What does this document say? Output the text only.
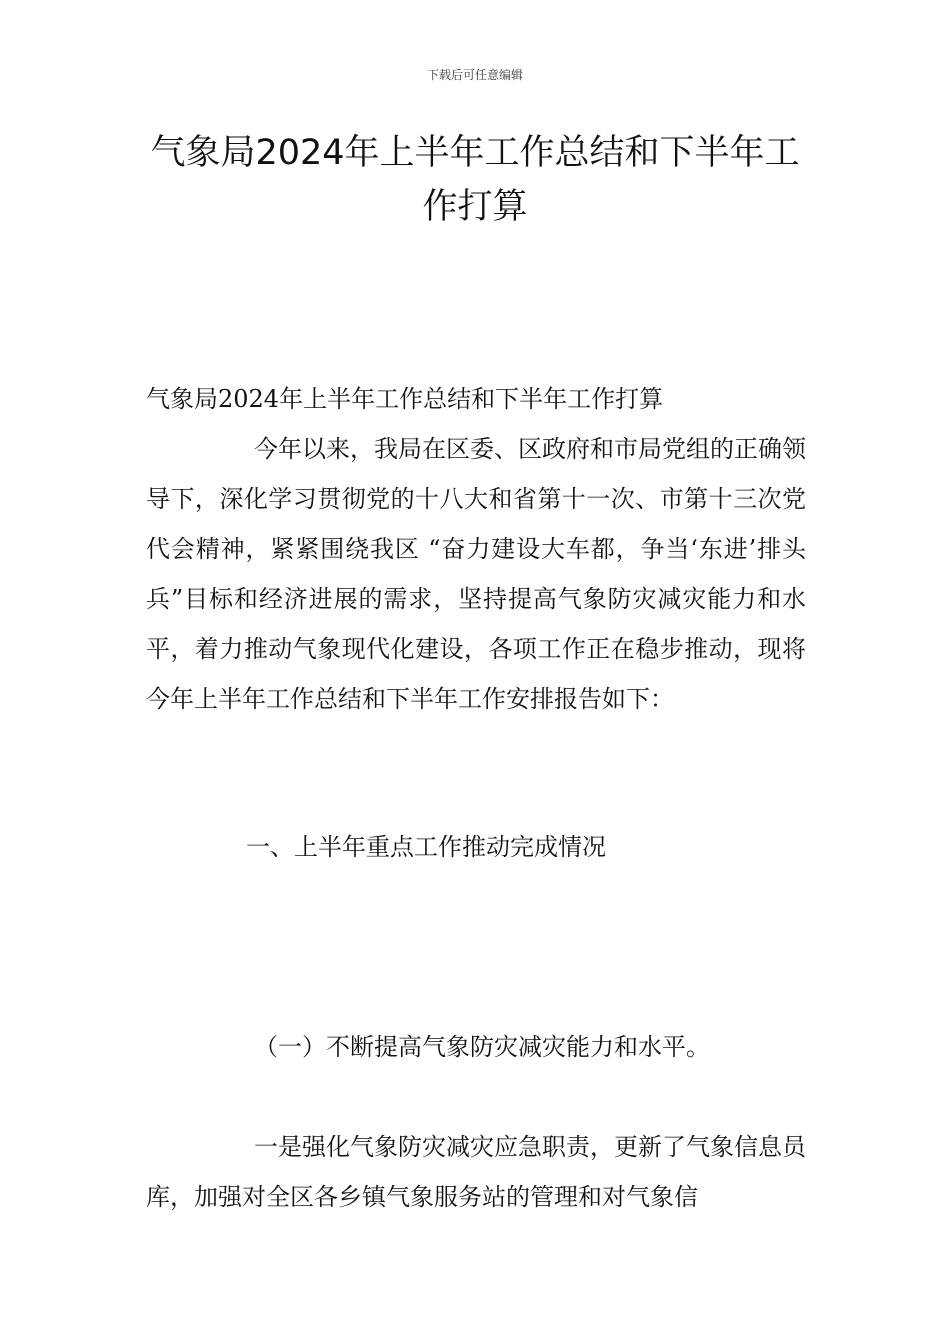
下载后可任意编辑
气象局2024年上半年工作总结和下半年工作打算

气象局2024年上半年工作总结和下半年工作打算

今年以来，我局在区委、区政府和市局党组的正确领导下，深化学习贯彻党的十八大和省第十一次、市第十三次党代会精神，紧紧围绕我区 “奋力建设大车都，争当‘东进’排头兵”目标和经济进展的需求，坚持提高气象防灾减灾能力和水平，着力推动气象现代化建设，各项工作正在稳步推动，现将今年上半年工作总结和下半年工作安排报告如下：

一、上半年重点工作推动完成情况

（一）不断提高气象防灾减灾能力和水平。

一是强化气象防灾减灾应急职责，更新了气象信息员库，加强对全区各乡镇气象服务站的管理和对气象信
